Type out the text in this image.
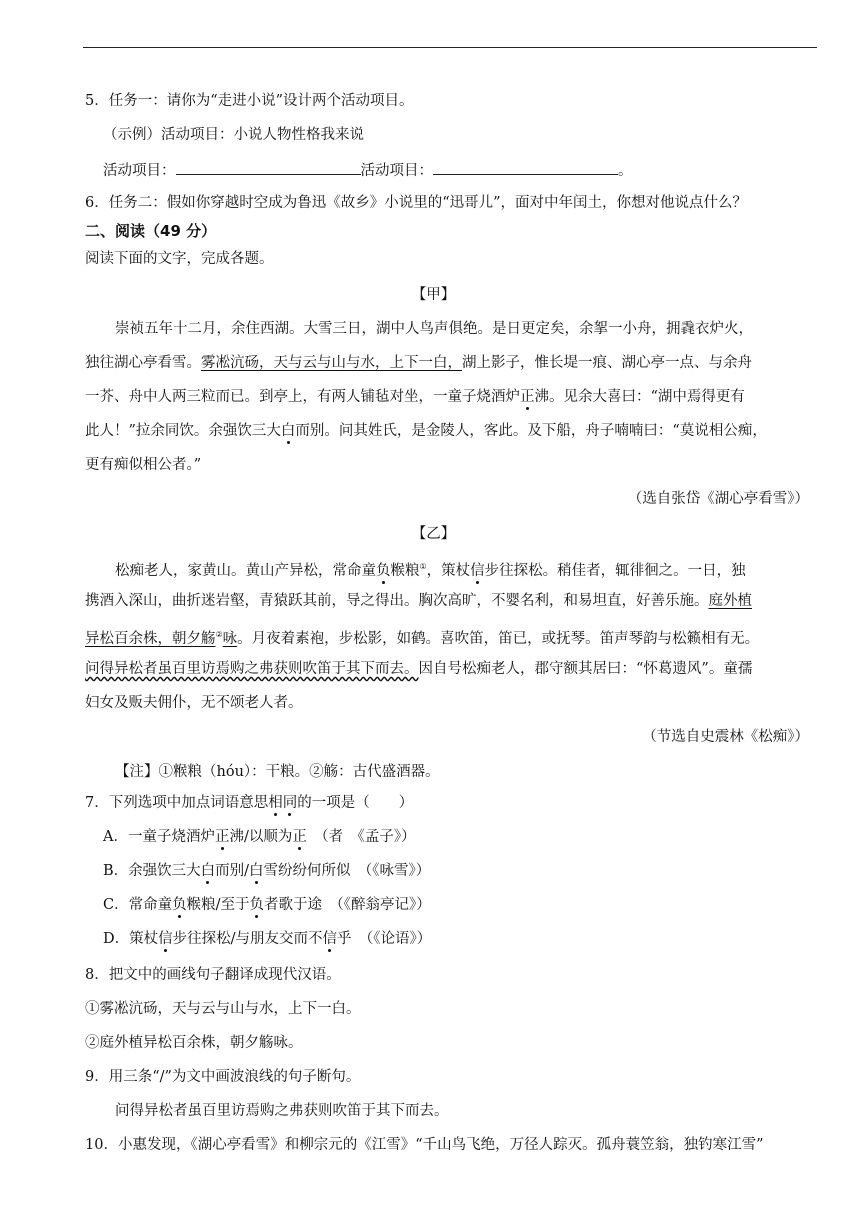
5．任务一：请你为“走进小说”设计两个活动项目。
（示例）活动项目：小说人物性格我来说
活动项目：	活动项目：	。
6．任务二：假如你穿越时空成为鲁迅《故乡》小说里的“迅哥儿”，面对中年闰土，你想对他说点什么？
二、阅读（49 分）
阅读下面的文字，完成各题。
【甲】
崇祯五年十二月，余住西湖。大雪三日，湖中人鸟声俱绝。是日更定矣，余挐一小舟，拥毳衣炉火，
独往湖心亭看雪。雾凇沆砀，天与云与山与水，上下一白，湖上影子，惟长堤一痕、湖心亭一点、与余舟
一芥、舟中人两三粒而已。到亭上，有两人铺毡对坐，一童子烧酒炉正沸。见余大喜曰：“湖中焉得更有
此人！”拉余同饮。余强饮三大白而别。问其姓氏，是金陵人，客此。及下船，舟子喃喃曰：“莫说相公痴，
更有痴似相公者。”
（选自张岱《湖心亭看雪》）
【乙】
松痴老人，家黄山。黄山产异松，常命童负糇粮①，策杖信步往探松。稍佳者，辄徘徊之。一日，独
携酒入深山，曲折迷岩壑，青猿跃其前，导之得出。胸次高旷，不婴名利，和易坦直，好善乐施。庭外植
异松百余株，朝夕觞②咏。月夜着素袍，步松影，如鹤。喜吹笛，笛已，或抚琴。笛声琴韵与松籁相有无。
问得异松者虽百里访焉购之弗获则吹笛于其下而去。因自号松痴老人，郡守额其居曰：“怀葛遗风”。童孺
妇女及贩夫佣仆，无不颂老人者。
（节选自史震林《松痴》）
【注】①糇粮（hóu）：干粮。②觞：古代盛酒器。
7．下列选项中加点词语意思相同的一项是（　　）
A．一童子烧酒炉正沸/以顺为正　 （者　《孟子》）
B．余强饮三大白而别/白雪纷纷何所似　（《咏雪》）
C．常命童负糇粮/至于负者歌于途　（《醉翁亭记》）
D．策杖信步往探松/与朋友交而不信乎　（《论语》）
8．把文中的画线句子翻译成现代汉语。
①雾凇沆砀，天与云与山与水，上下一白。
②庭外植异松百余株，朝夕觞咏。
9．用三条“/”为文中画波浪线的句子断句。
问得异松者虽百里访焉购之弗获则吹笛于其下而去。
10．小惠发现，《湖心亭看雪》和柳宗元的《江雪》“千山鸟飞绝，万径人踪灭。孤舟蓑笠翁，独钓寒江雪”
